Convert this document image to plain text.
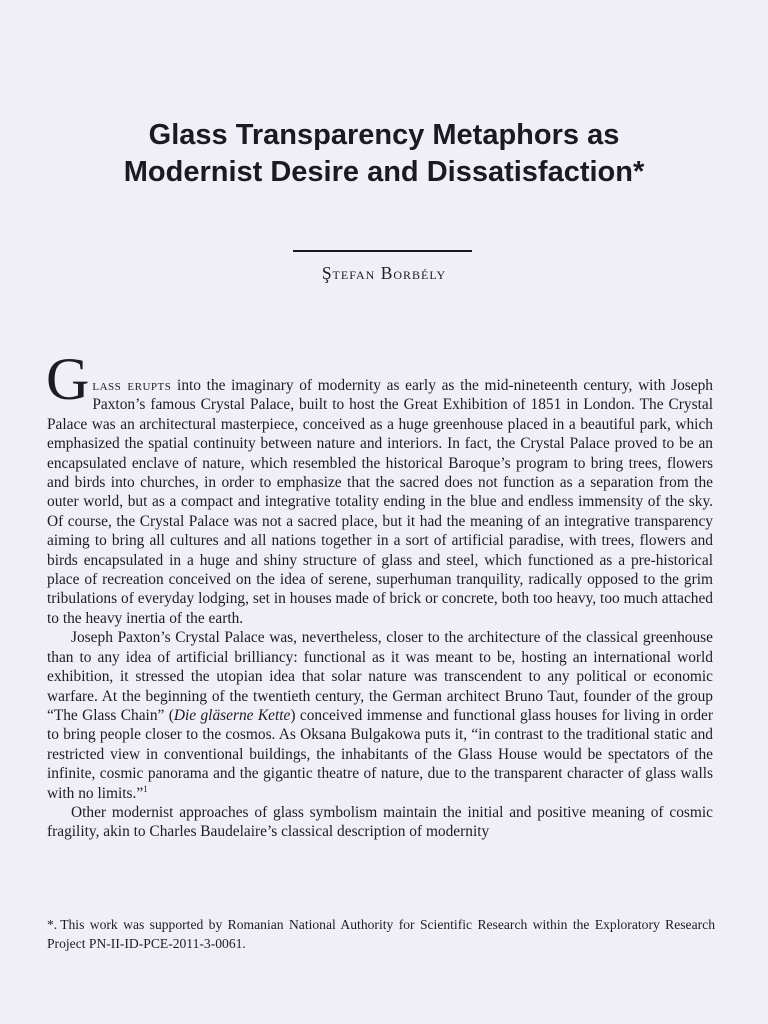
Glass Transparency Metaphors as
Modernist Desire and Dissatisfaction*
Ştefan Borbély

G lass erupts into the imaginary of modernity as early as the mid-nineteenth century, with Joseph Paxton’s famous Crystal Palace, built to host the Great Exhibition of 1851 in London. The Crystal Palace was an architectural masterpiece, conceived as a huge greenhouse placed in a beautiful park, which emphasized the spatial continuity between nature and interiors. In fact, the Crystal Palace proved to be an encapsulated enclave of nature, which resembled the historical Baroque’s program to bring trees, flowers and birds into churches, in order to emphasize that the sacred does not function as a separation from the outer world, but as a compact and integrative totality ending in the blue and endless immensity of the sky. Of course, the Crystal Palace was not a sacred place, but it had the meaning of an integrative transparency aiming to bring all cultures and all nations together in a sort of artificial paradise, with trees, flowers and birds encapsulated in a huge and shiny structure of glass and steel, which functioned as a pre-historical place of recreation conceived on the idea of serene, superhuman tranquility, radically opposed to the grim tribulations of everyday lodging, set in houses made of brick or concrete, both too heavy, too much attached to the heavy inertia of the earth.

Joseph Paxton’s Crystal Palace was, nevertheless, closer to the architecture of the classical greenhouse than to any idea of artificial brilliancy: functional as it was meant to be, hosting an international world exhibition, it stressed the utopian idea that solar nature was transcendent to any political or economic warfare. At the beginning of the twentieth century, the German architect Bruno Taut, founder of the group “The Glass Chain” (Die gläserne Kette) conceived immense and functional glass houses for living in order to bring people closer to the cosmos. As Oksana Bulgakowa puts it, “in contrast to the traditional static and restricted view in conventional buildings, the inhabitants of the Glass House would be spectators of the infinite, cosmic panorama and the gigantic theatre of nature, due to the transparent character of glass walls with no limits.”$^1$

Other modernist approaches of glass symbolism maintain the initial and positive meaning of cosmic fragility, akin to Charles Baudelaire’s classical description of modernity

*. This work was supported by Romanian National Authority for Scientific Research within the Exploratory Research Project PN-II-ID-PCE-2011-3-0061.
